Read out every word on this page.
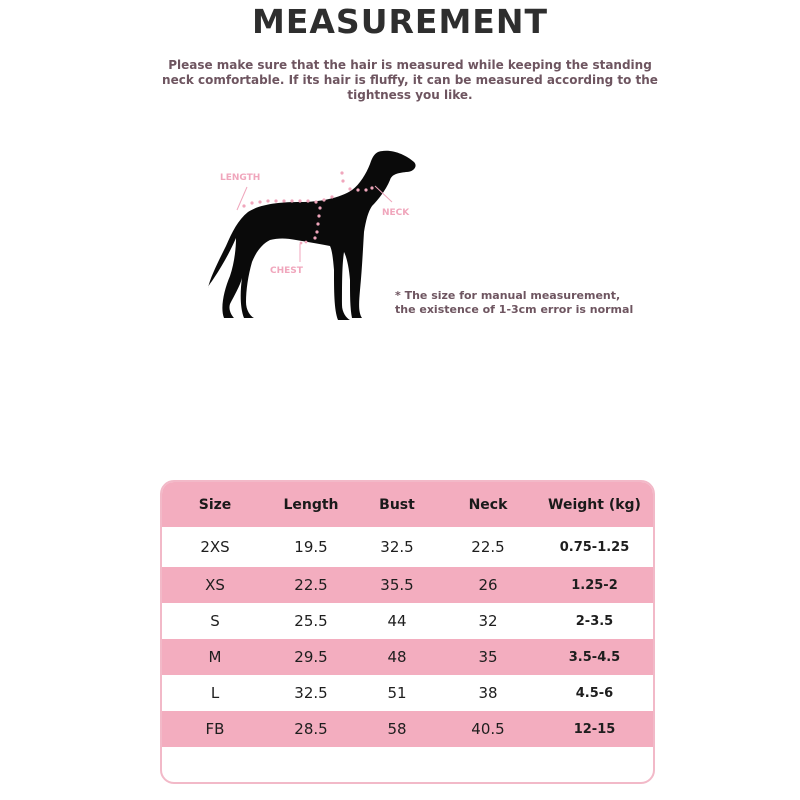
MEASUREMENT
Please make sure that the hair is measured while keeping the standing neck comfortable. If its hair is fluffy, it can be measured according to the tightness you like.
LENGTH
NECK
CHEST
* The size for manual measurement,
the existence of 1-3cm error is normal
Size	Length	Bust	Neck	Weight (kg)
2XS	19.5	32.5	22.5	0.75-1.25
XS	22.5	35.5	26	1.25-2
S	25.5	44	32	2-3.5
M	29.5	48	35	3.5-4.5
L	32.5	51	38	4.5-6
FB	28.5	58	40.5	12-15
